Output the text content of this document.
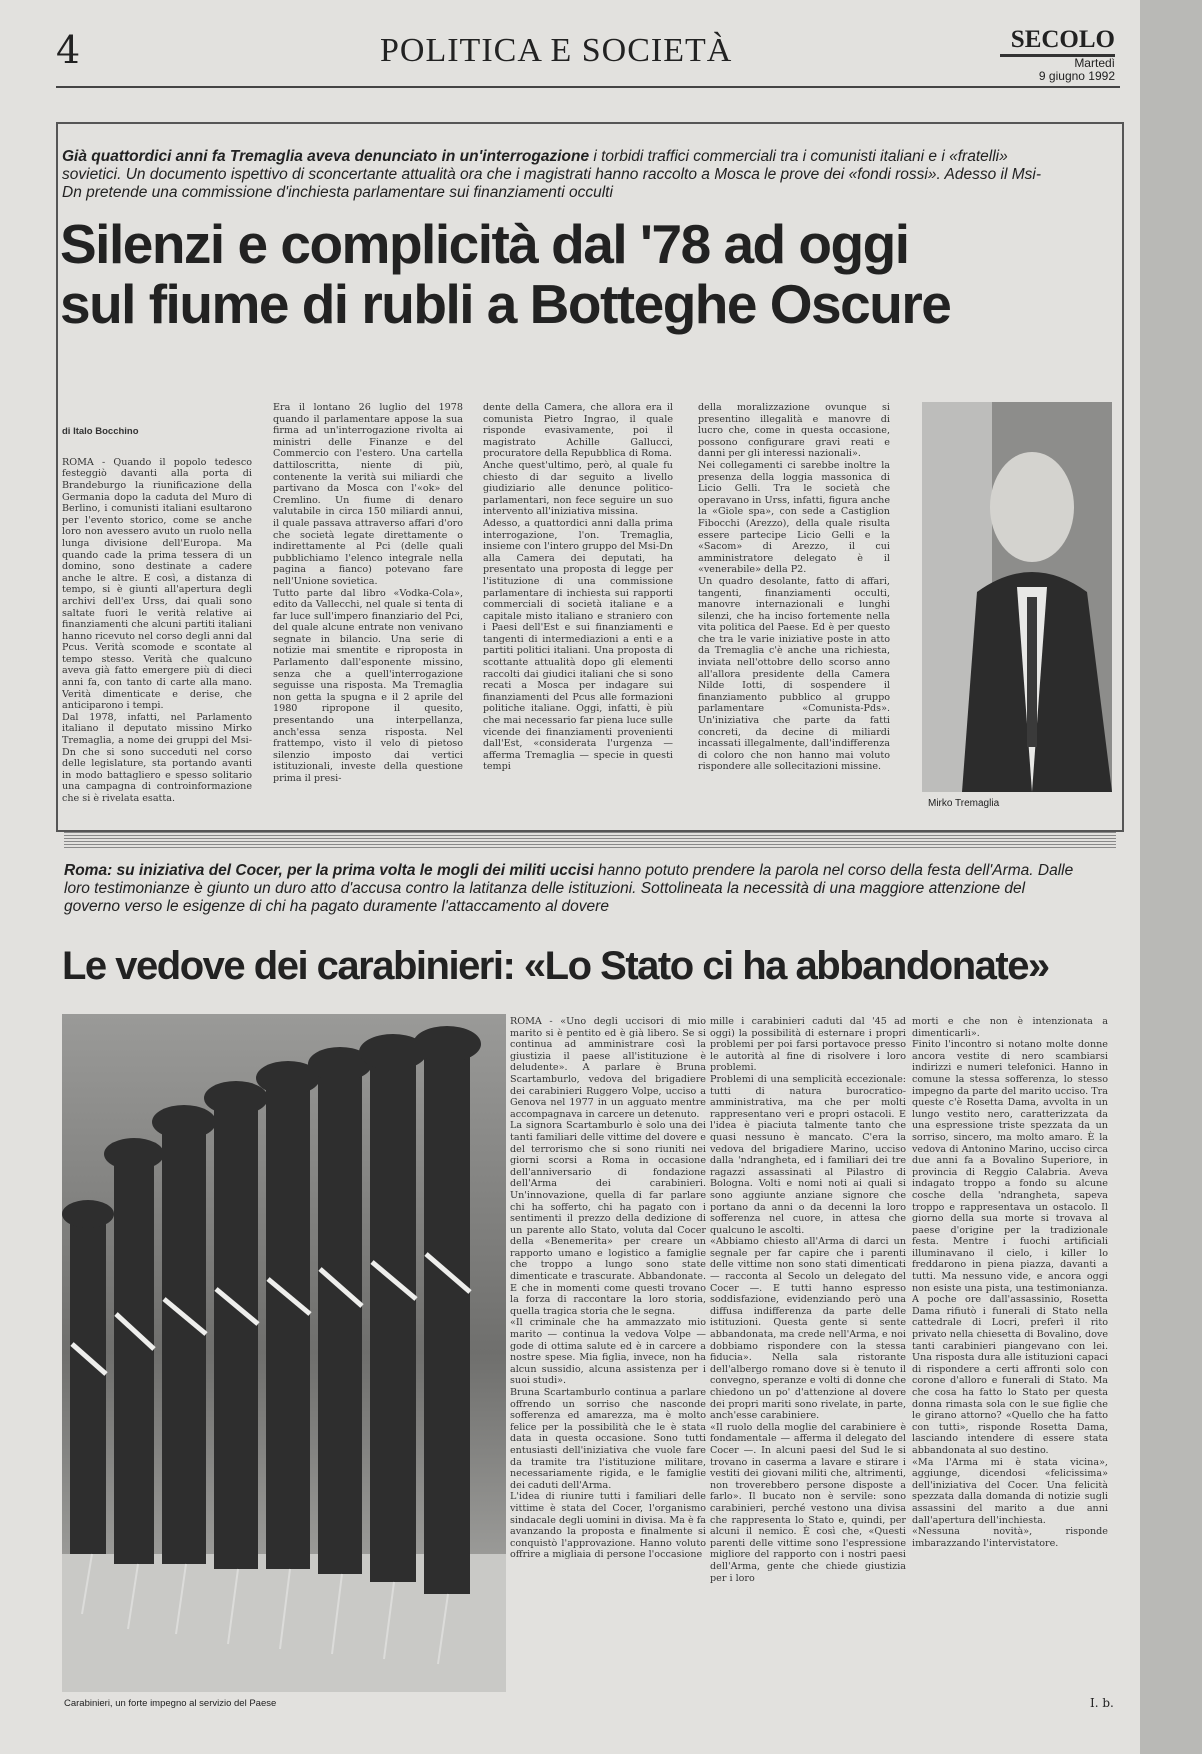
4	POLITICA E SOCIETÀ	SECOLO
Martedì
9 giugno 1992
Già quattordici anni fa Tremaglia aveva denunciato in un'interrogazione i torbidi traffici commerciali tra i comunisti italiani e i «fratelli» sovietici. Un documento ispettivo di sconcertante attualità ora che i magistrati hanno raccolto a Mosca le prove dei «fondi rossi». Adesso il Msi-Dn pretende una commissione d'inchiesta parlamentare sui finanziamenti occulti
Silenzi e complicità dal '78 ad oggi
sul fiume di rubli a Botteghe Oscure

di Italo Bocchino

ROMA - Quando il popolo tedesco festeggiò davanti alla porta di Brandeburgo la riunificazione della Germania dopo la caduta del Muro di Berlino, i comunisti italiani esultarono per l'evento storico, come se anche loro non avessero avuto un ruolo nella lunga divisione dell'Europa. Ma quando cade la prima tessera di un domino, sono destinate a cadere anche le altre. E così, a distanza di tempo, si è giunti all'apertura degli archivi dell'ex Urss, dai quali sono saltate fuori le verità relative ai finanziamenti che alcuni partiti italiani hanno ricevuto nel corso degli anni dal Pcus. Verità scomode e scontate al tempo stesso. Verità che qualcuno aveva già fatto emergere più di dieci anni fa, con tanto di carte alla mano. Verità dimenticate e derise, che anticiparono i tempi.
Dal 1978, infatti, nel Parlamento italiano il deputato missino Mirko Tremaglia, a nome dei gruppi del Msi-Dn che si sono succeduti nel corso delle legislature, sta portando avanti in modo battagliero e spesso solitario una campagna di controinformazione che si è rivelata esatta.

Era il lontano 26 luglio del 1978 quando il parlamentare appose la sua firma ad un'interrogazione rivolta ai ministri delle Finanze e del Commercio con l'estero. Una cartella dattiloscritta, niente di più, contenente la verità sui miliardi che partivano da Mosca con l'«ok» del Cremlino. Un fiume di denaro valutabile in circa 150 miliardi annui, il quale passava attraverso affari d'oro che società legate direttamente o indirettamente al Pci (delle quali pubblichiamo l'elenco integrale nella pagina a fianco) potevano fare nell'Unione sovietica.
Tutto parte dal libro «Vodka-Cola», edito da Vallecchi, nel quale si tenta di far luce sull'impero finanziario del Pci, del quale alcune entrate non venivano segnate in bilancio. Una serie di notizie mai smentite e riproposta in Parlamento dall'esponente missino, senza che a quell'interrogazione seguisse una risposta. Ma Tremaglia non getta la spugna e il 2 aprile del 1980 ripropone il quesito, presentando una interpellanza, anch'essa senza risposta. Nel frattempo, visto il velo di pietoso silenzio imposto dai vertici istituzionali, investe della questione prima il presi-
dente della Camera, che allora era il comunista Pietro Ingrao, il quale risponde evasivamente, poi il magistrato Achille Gallucci, procuratore della Repubblica di Roma.
Anche quest'ultimo, però, al quale fu chiesto di dar seguito a livello giudiziario alle denunce politico-parlamentari, non fece seguire un suo intervento all'iniziativa missina.
Adesso, a quattordici anni dalla prima interrogazione, l'on. Tremaglia, insieme con l'intero gruppo del Msi-Dn alla Camera dei deputati, ha presentato una proposta di legge per l'istituzione di una commissione parlamentare di inchiesta sui rapporti commerciali di società italiane e a capitale misto italiano e straniero con i Paesi dell'Est e sui finanziamenti e tangenti di intermediazioni a enti e a partiti politici italiani. Una proposta di scottante attualità dopo gli elementi raccolti dai giudici italiani che si sono recati a Mosca per indagare sui finanziamenti del Pcus alle formazioni politiche italiane. Oggi, infatti, è più che mai necessario far piena luce sulle vicende dei finanziamenti provenienti dall'Est, «considerata l'urgenza — afferma Tremaglia — specie in questi tempi
della moralizzazione ovunque si presentino illegalità e manovre di lucro che, come in questa occasione, possono configurare gravi reati e danni per gli interessi nazionali».
Nei collegamenti ci sarebbe inoltre la presenza della loggia massonica di Licio Gelli. Tra le società che operavano in Urss, infatti, figura anche la «Giole spa», con sede a Castiglion Fibocchi (Arezzo), della quale risulta essere partecipe Licio Gelli e la «Sacom» di Arezzo, il cui amministratore delegato è il «venerabile» della P2.
Un quadro desolante, fatto di affari, tangenti, finanziamenti occulti, manovre internazionali e lunghi silenzi, che ha inciso fortemente nella vita politica del Paese. Ed è per questo che tra le varie iniziative poste in atto da Tremaglia c'è anche una richiesta, inviata nell'ottobre dello scorso anno all'allora presidente della Camera Nilde Iotti, di sospendere il finanziamento pubblico al gruppo parlamentare «Comunista-Pds». Un'iniziativa che parte da fatti concreti, da decine di miliardi incassati illegalmente, dall'indifferenza di coloro che non hanno mai voluto rispondere alle sollecitazioni missine.
Mirko Tremaglia
Roma: su iniziativa del Cocer, per la prima volta le mogli dei militi uccisi hanno potuto prendere la parola nel corso della festa dell'Arma. Dalle loro testimonianze è giunto un duro atto d'accusa contro la latitanza delle istituzioni. Sottolineata la necessità di una maggiore attenzione del governo verso le esigenze di chi ha pagato duramente l'attaccamento al dovere
Le vedove dei carabinieri: «Lo Stato ci ha abbandonate»
Carabinieri, un forte impegno al servizio del Paese
ROMA - «Uno degli uccisori di mio marito si è pentito ed è già libero. Se si continua ad amministrare così la giustizia il paese all'istituzione è deludente». A parlare è Bruna Scartamburlo, vedova del brigadiere dei carabinieri Ruggero Volpe, ucciso a Genova nel 1977 in un agguato mentre accompagnava in carcere un detenuto.
La signora Scartamburlo è solo una dei tanti familiari delle vittime del dovere e del terrorismo che si sono riuniti nei giorni scorsi a Roma in occasione dell'anniversario di fondazione dell'Arma dei carabinieri. Un'innovazione, quella di far parlare chi ha sofferto, chi ha pagato con i sentimenti il prezzo della dedizione di un parente allo Stato, voluta dal Cocer della «Benemerita» per creare un rapporto umano e logistico a famiglie che troppo a lungo sono state dimenticate e trascurate. Abbandonate. E che in momenti come questi trovano la forza di raccontare la loro storia, quella tragica storia che le segna.
«Il criminale che ha ammazzato mio marito — continua la vedova Volpe — gode di ottima salute ed è in carcere a nostre spese. Mia figlia, invece, non ha alcun sussidio, alcuna assistenza per i suoi studi».
Bruna Scartamburlo continua a parlare offrendo un sorriso che nasconde sofferenza ed amarezza, ma è molto felice per la possibilità che le è stata data in questa occasione. Sono tutti entusiasti dell'iniziativa che vuole fare da tramite tra l'istituzione militare, necessariamente rigida, e le famiglie dei caduti dell'Arma.
L'idea di riunire tutti i familiari delle vittime è stata del Cocer, l'organismo sindacale degli uomini in divisa. Ma è fa avanzando la proposta e finalmente si conquistò l'approvazione. Hanno voluto offrire a migliaia di persone l'occasione
mille i carabinieri caduti dal '45 ad oggi) la possibilità di esternare i propri problemi per poi farsi portavoce presso le autorità al fine di risolvere i loro problemi.
Problemi di una semplicità eccezionale: tutti di natura burocratico-amministrativa, ma che per molti rappresentano veri e propri ostacoli. E l'idea è piaciuta talmente tanto che quasi nessuno è mancato. C'era la vedova del brigadiere Marino, ucciso dalla 'ndrangheta, ed i familiari dei tre ragazzi assassinati al Pilastro di Bologna. Volti e nomi noti ai quali si sono aggiunte anziane signore che portano da anni o da decenni la loro sofferenza nel cuore, in attesa che qualcuno le ascolti.
«Abbiamo chiesto all'Arma di darci un segnale per far capire che i parenti delle vittime non sono stati dimenticati — racconta al Secolo un delegato del Cocer —. E tutti hanno espresso soddisfazione, evidenziando però una diffusa indifferenza da parte delle istituzioni. Questa gente si sente abbandonata, ma crede nell'Arma, e noi dobbiamo rispondere con la stessa fiducia». Nella sala ristorante dell'albergo romano dove si è tenuto il convegno, speranze e volti di donne che chiedono un po' d'attenzione al dovere dei propri mariti sono rivelate, in parte, anch'esse carabiniere.
«Il ruolo della moglie del carabiniere è fondamentale — afferma il delegato del Cocer —. In alcuni paesi del Sud le si trovano in caserma a lavare e stirare i vestiti dei giovani militi che, altrimenti, non troverebbero persone disposte a farlo». Il bucato non è servile: sono carabinieri, perché vestono una divisa che rappresenta lo Stato e, quindi, per alcuni il nemico. È così che, «Questi parenti delle vittime sono l'espressione migliore del rapporto con i nostri paesi dell'Arma, gente che chiede giustizia per i loro
morti e che non è intenzionata a dimenticarli».
Finito l'incontro si notano molte donne ancora vestite di nero scambiarsi indirizzi e numeri telefonici. Hanno in comune la stessa sofferenza, lo stesso impegno da parte del marito ucciso. Tra queste c'è Rosetta Dama, avvolta in un lungo vestito nero, caratterizzata da una espressione triste spezzata da un sorriso, sincero, ma molto amaro. È la vedova di Antonino Marino, ucciso circa due anni fa a Bovalino Superiore, in provincia di Reggio Calabria. Aveva indagato troppo a fondo su alcune cosche della 'ndrangheta, sapeva troppo e rappresentava un ostacolo. Il giorno della sua morte si trovava al paese d'origine per la tradizionale festa. Mentre i fuochi artificiali illuminavano il cielo, i killer lo freddarono in piena piazza, davanti a tutti. Ma nessuno vide, e ancora oggi non esiste una pista, una testimonianza. A poche ore dall'assassinio, Rosetta Dama rifiutò i funerali di Stato nella cattedrale di Locri, preferì il rito privato nella chiesetta di Bovalino, dove tanti carabinieri piangevano con lei. Una risposta dura alle istituzioni capaci di rispondere a certi affronti solo con corone d'alloro e funerali di Stato. Ma che cosa ha fatto lo Stato per questa donna rimasta sola con le sue figlie che le girano attorno? «Quello che ha fatto con tutti», risponde Rosetta Dama, lasciando intendere di essere stata abbandonata al suo destino.
«Ma l'Arma mi è stata vicina», aggiunge, dicendosi «felicissima» dell'iniziativa del Cocer. Una felicità spezzata dalla domanda di notizie sugli assassini del marito a due anni dall'apertura dell'inchiesta.
«Nessuna novità», risponde imbarazzando l'intervistatore.
I. b.
